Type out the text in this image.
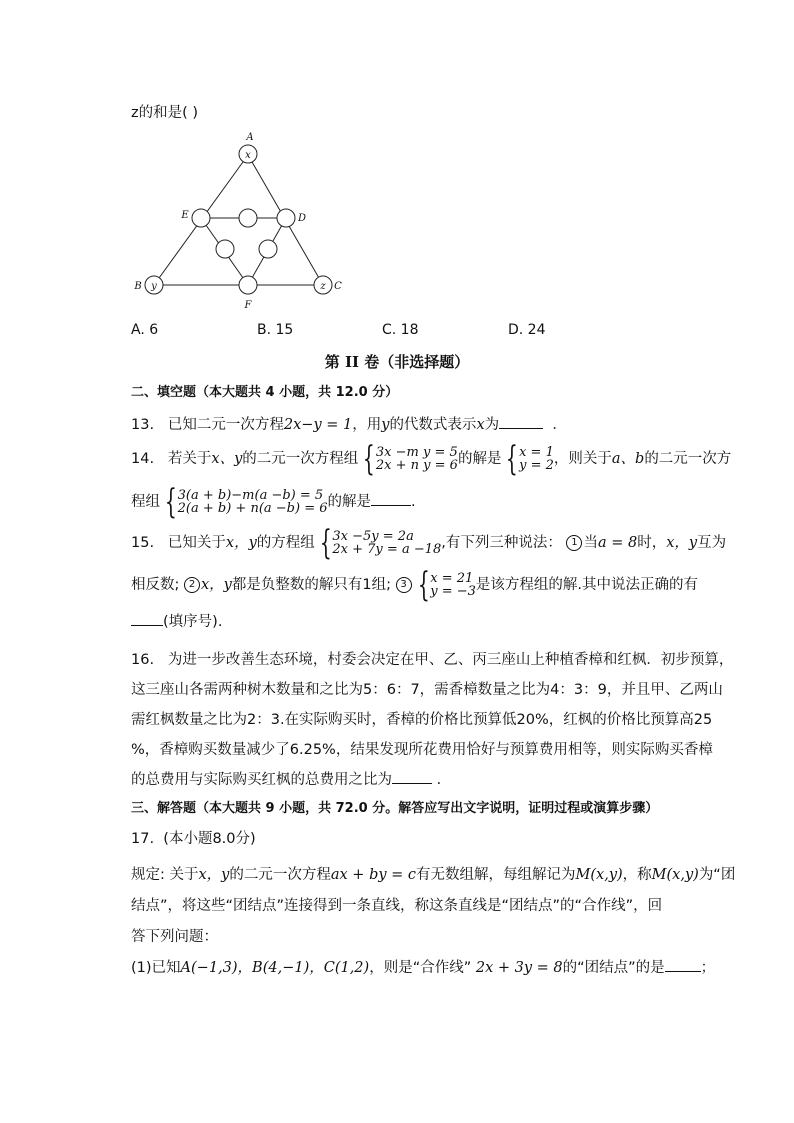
z的和是( )
x
y	z
A
B	C
D
E
F
A. 6	B. 15	C. 18	D. 24
第 II 卷（非选择题）
二、填空题（本大题共 4 小题，共 12.0 分）
13. 已知二元一次方程2x−y = 1，用y的代数式表示x为	．
14. 若关于x、y的二元一次方程组 {3x −m y = 5
2x + n y = 6的解是 {x = 1
y = 2，则关于a、b的二元一次方
程组 {3(a + b)−m(a −b) = 5
2(a + b) + n(a −b) = 6的解是	.
15. 已知关于x，y的方程组 {3x −5y = 2a
2x + 7y = a −18,有下列三种说法： 1 当a = 8时，x，y互为
相反数; 2 x，y都是负整数的解只有1组; 3 {x = 21
y = −3是该方程组的解.其中说法正确的有
(填序号).
16. 为进一步改善生态环境，村委会决定在甲、乙、丙三座山上种植香樟和红枫．初步预算，
这三座山各需两种树木数量和之比为5：6：7，需香樟数量之比为4：3：9，并且甲、乙两山
需红枫数量之比为2：3.在实际购买时，香樟的价格比预算低20%，红枫的价格比预算高25
%，香樟购买数量减少了6.25%，结果发现所花费用恰好与预算费用相等，则实际购买香樟
的总费用与实际购买红枫的总费用之比为	．
三、解答题（本大题共 9 小题，共 72.0 分。解答应写出文字说明，证明过程或演算步骤）
17. (本小题8.0分)
规定: 关于x，y的二元一次方程ax + by = c有无数组解，每组解记为M(x,y)，称M(x,y)为“团
结点”，将这些“团结点”连接得到一条直线，称这条直线是“团结点”的“合作线”，回
答下列问题：
(1)已知A(−1,3)，B(4,−1)，C(1,2)，则是“合作线” 2x + 3y = 8的“团结点”的是 ；
